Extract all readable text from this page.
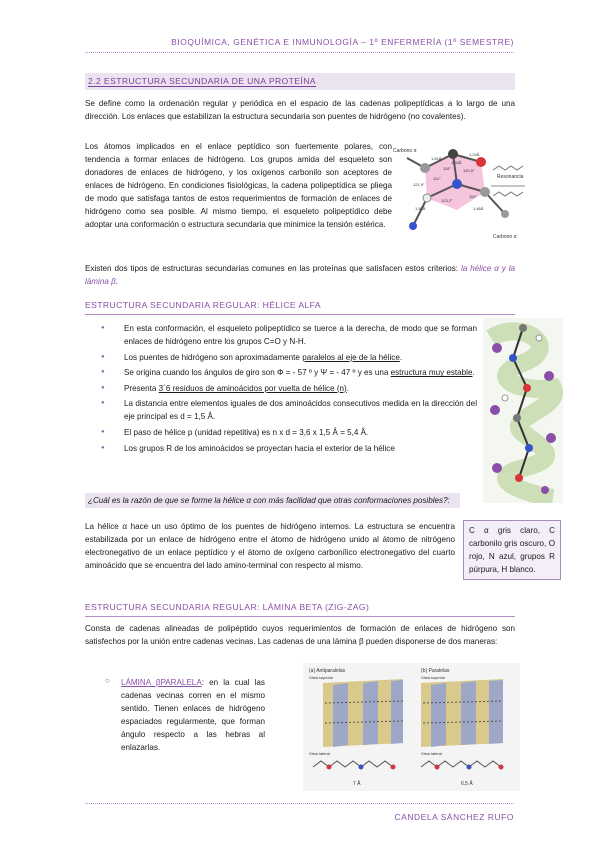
BIOQUÍMICA, GENÉTICA E INMUNOLOGÍA – 1º ENFERMERÍA (1º SEMESTRE)
2.2 ESTRUCTURA SECUNDARIA DE UNA PROTEÍNA
Se define como la ordenación regular y periódica en el espacio de las cadenas polipeptídicas a lo largo de una dirección. Los enlaces que estabilizan la estructura secundaria son puentes de hidrógeno (no covalentes).
Los átomos implicados en el enlace peptídico son fuertemente polares, con tendencia a formar enlaces de hidrógeno. Los grupos amida del esqueleto son donadores de enlaces de hidrógeno, y los oxígenos carbonilo son aceptores de enlaces de hidrógeno. En condiciones fisiológicas, la cadena polipeptídica se pliega de modo que satisfaga tantos de estos requerimientos de formación de enlaces de hidrógeno como sea posible. Al mismo tiempo, el esqueleto polipeptídico debe adoptar una conformación o estructura secundaria que minimice la tensión estérica.
Carbono α
Carbono α
Resonancia
111°
121,9°
120,5°
123,2°
110°
118°
1,33Å
1,24Å
1,46Å
1,51Å
1,53Å
Existen dos tipos de estructuras secundarias comunes en las proteínas que satisfacen estos criterios: la hélice α y la lámina β.
ESTRUCTURA SECUNDARIA REGULAR: HÉLICE ALFA
● En esta conformación, el esqueleto polipeptídico se tuerce a la derecha, de modo que se forman enlaces de hidrógeno entre los grupos C=O y N-H.
● Los puentes de hidrógeno son aproximadamente paralelos al eje de la hélice.
● Se origina cuando los ángulos de giro son Φ = - 57 º y Ψ = - 47 º y es una estructura muy estable.
● Presenta 3´6 residuos de aminoácidos por vuelta de hélice (n).
● La distancia entre elementos iguales de dos aminoácidos consecutivos medida en la dirección del eje principal es d = 1,5 Å.
● El paso de hélice p (unidad repetitiva) es n x d = 3,6 x 1,5 Å = 5,4 Å.
● Los grupos R de los aminoácidos se proyectan hacia el exterior de la hélice
¿Cuál es la razón de que se forme la hélice α con más facilidad que otras conformaciones posibles?:
La hélice α hace un uso óptimo de los puentes de hidrógeno internos. La estructura se encuentra estabilizada por un enlace de hidrógeno entre el átomo de hidrógeno unido al átomo de nitrógeno electronegativo de un enlace peptídico y el átomo de oxígeno carbonílico electronegativo del cuarto aminoácido que se encuentra del lado amino-terminal con respecto al mismo.
C α gris claro, C carbonilo gris oscuro, O rojo, N azul, grupos R púrpura, H blanco.
ESTRUCTURA SECUNDARIA REGULAR: LÁMINA BETA (ZIG-ZAG)
Consta de cadenas alineadas de polipéptido cuyos requerimientos de formación de enlaces de hidrógeno son satisfechos por la unión entre cadenas vecinas. Las cadenas de una lámina β pueden disponerse de dos maneras:
○ LÁMINA βPARALELA: en la cual las cadenas vecinas corren en el mismo sentido. Tienen enlaces de hidrógeno espaciados regularmente, que forman ángulo respecto a las hebras al enlazarlas.
(a) Antiparalelas	(b) Paralelas
Vista superior	Vista superior
Vista lateral	Vista lateral
7 Å	6,5 Å
CANDELA SÁNCHEZ RUFO
